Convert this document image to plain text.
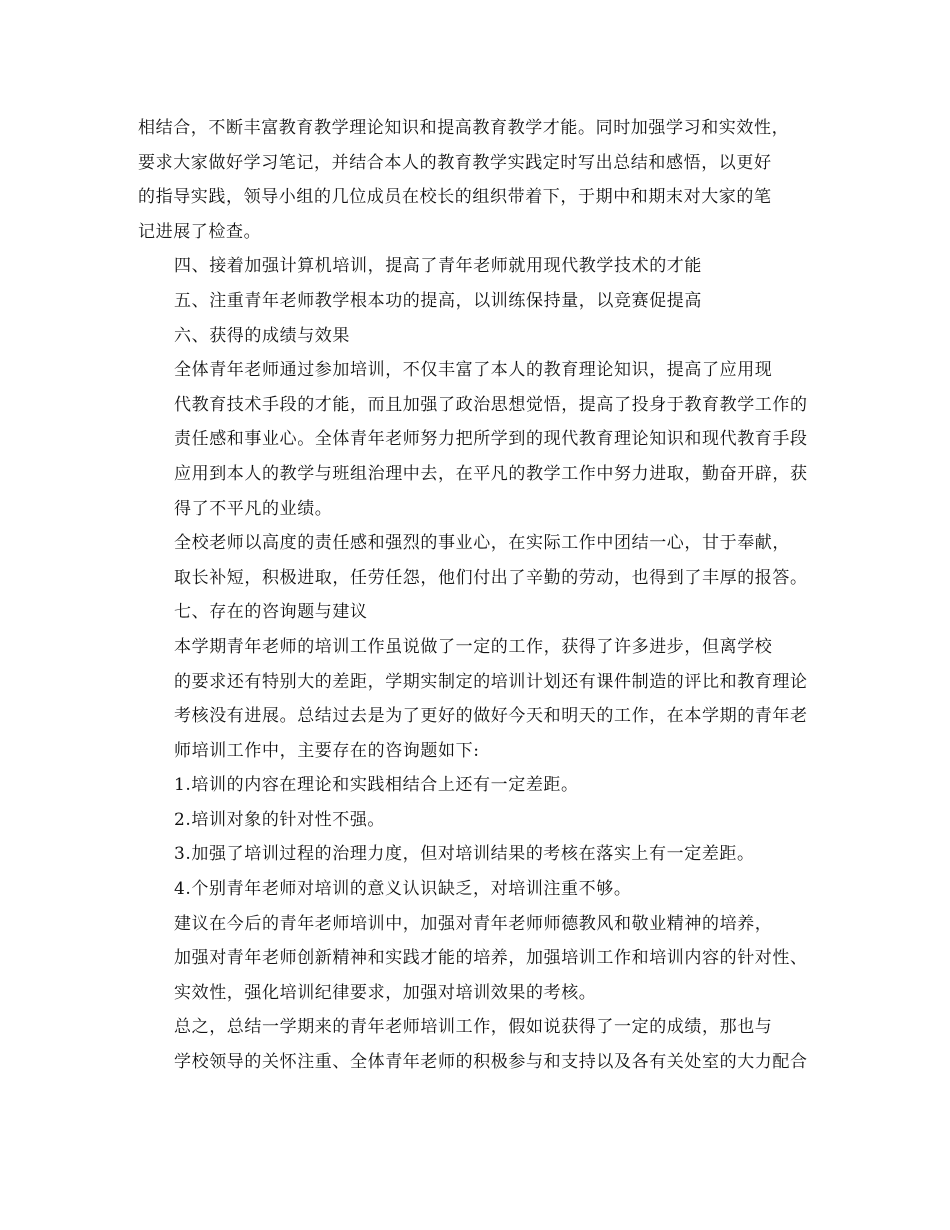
相结合，不断丰富教育教学理论知识和提高教育教学才能。同时加强学习和实效性，
要求大家做好学习笔记，并结合本人的教育教学实践定时写出总结和感悟，以更好
的指导实践，领导小组的几位成员在校长的组织带着下，于期中和期末对大家的笔
记进展了检查。

四、接着加强计算机培训，提高了青年老师就用现代教学技术的才能

五、注重青年老师教学根本功的提高，以训练保持量，以竞赛促提高

六、获得的成绩与效果

全体青年老师通过参加培训，不仅丰富了本人的教育理论知识，提高了应用现
代教育技术手段的才能，而且加强了政治思想觉悟，提高了投身于教育教学工作的
责任感和事业心。全体青年老师努力把所学到的现代教育理论知识和现代教育手段
应用到本人的教学与班组治理中去，在平凡的教学工作中努力进取，勤奋开辟，获
得了不平凡的业绩。

全校老师以高度的责任感和强烈的事业心，在实际工作中团结一心，甘于奉献，
取长补短，积极进取，任劳任怨，他们付出了辛勤的劳动，也得到了丰厚的报答。

七、存在的咨询题与建议

本学期青年老师的培训工作虽说做了一定的工作，获得了许多进步，但离学校
的要求还有特别大的差距，学期实制定的培训计划还有课件制造的评比和教育理论
考核没有进展。总结过去是为了更好的做好今天和明天的工作，在本学期的青年老
师培训工作中，主要存在的咨询题如下:

1.培训的内容在理论和实践相结合上还有一定差距。

2.培训对象的针对性不强。

3.加强了培训过程的治理力度，但对培训结果的考核在落实上有一定差距。

4.个别青年老师对培训的意义认识缺乏，对培训注重不够。

建议在今后的青年老师培训中，加强对青年老师师德教风和敬业精神的培养，
加强对青年老师创新精神和实践才能的培养，加强培训工作和培训内容的针对性、
实效性，强化培训纪律要求，加强对培训效果的考核。

总之，总结一学期来的青年老师培训工作，假如说获得了一定的成绩，那也与
学校领导的关怀注重、全体青年老师的积极参与和支持以及各有关处室的大力配合
